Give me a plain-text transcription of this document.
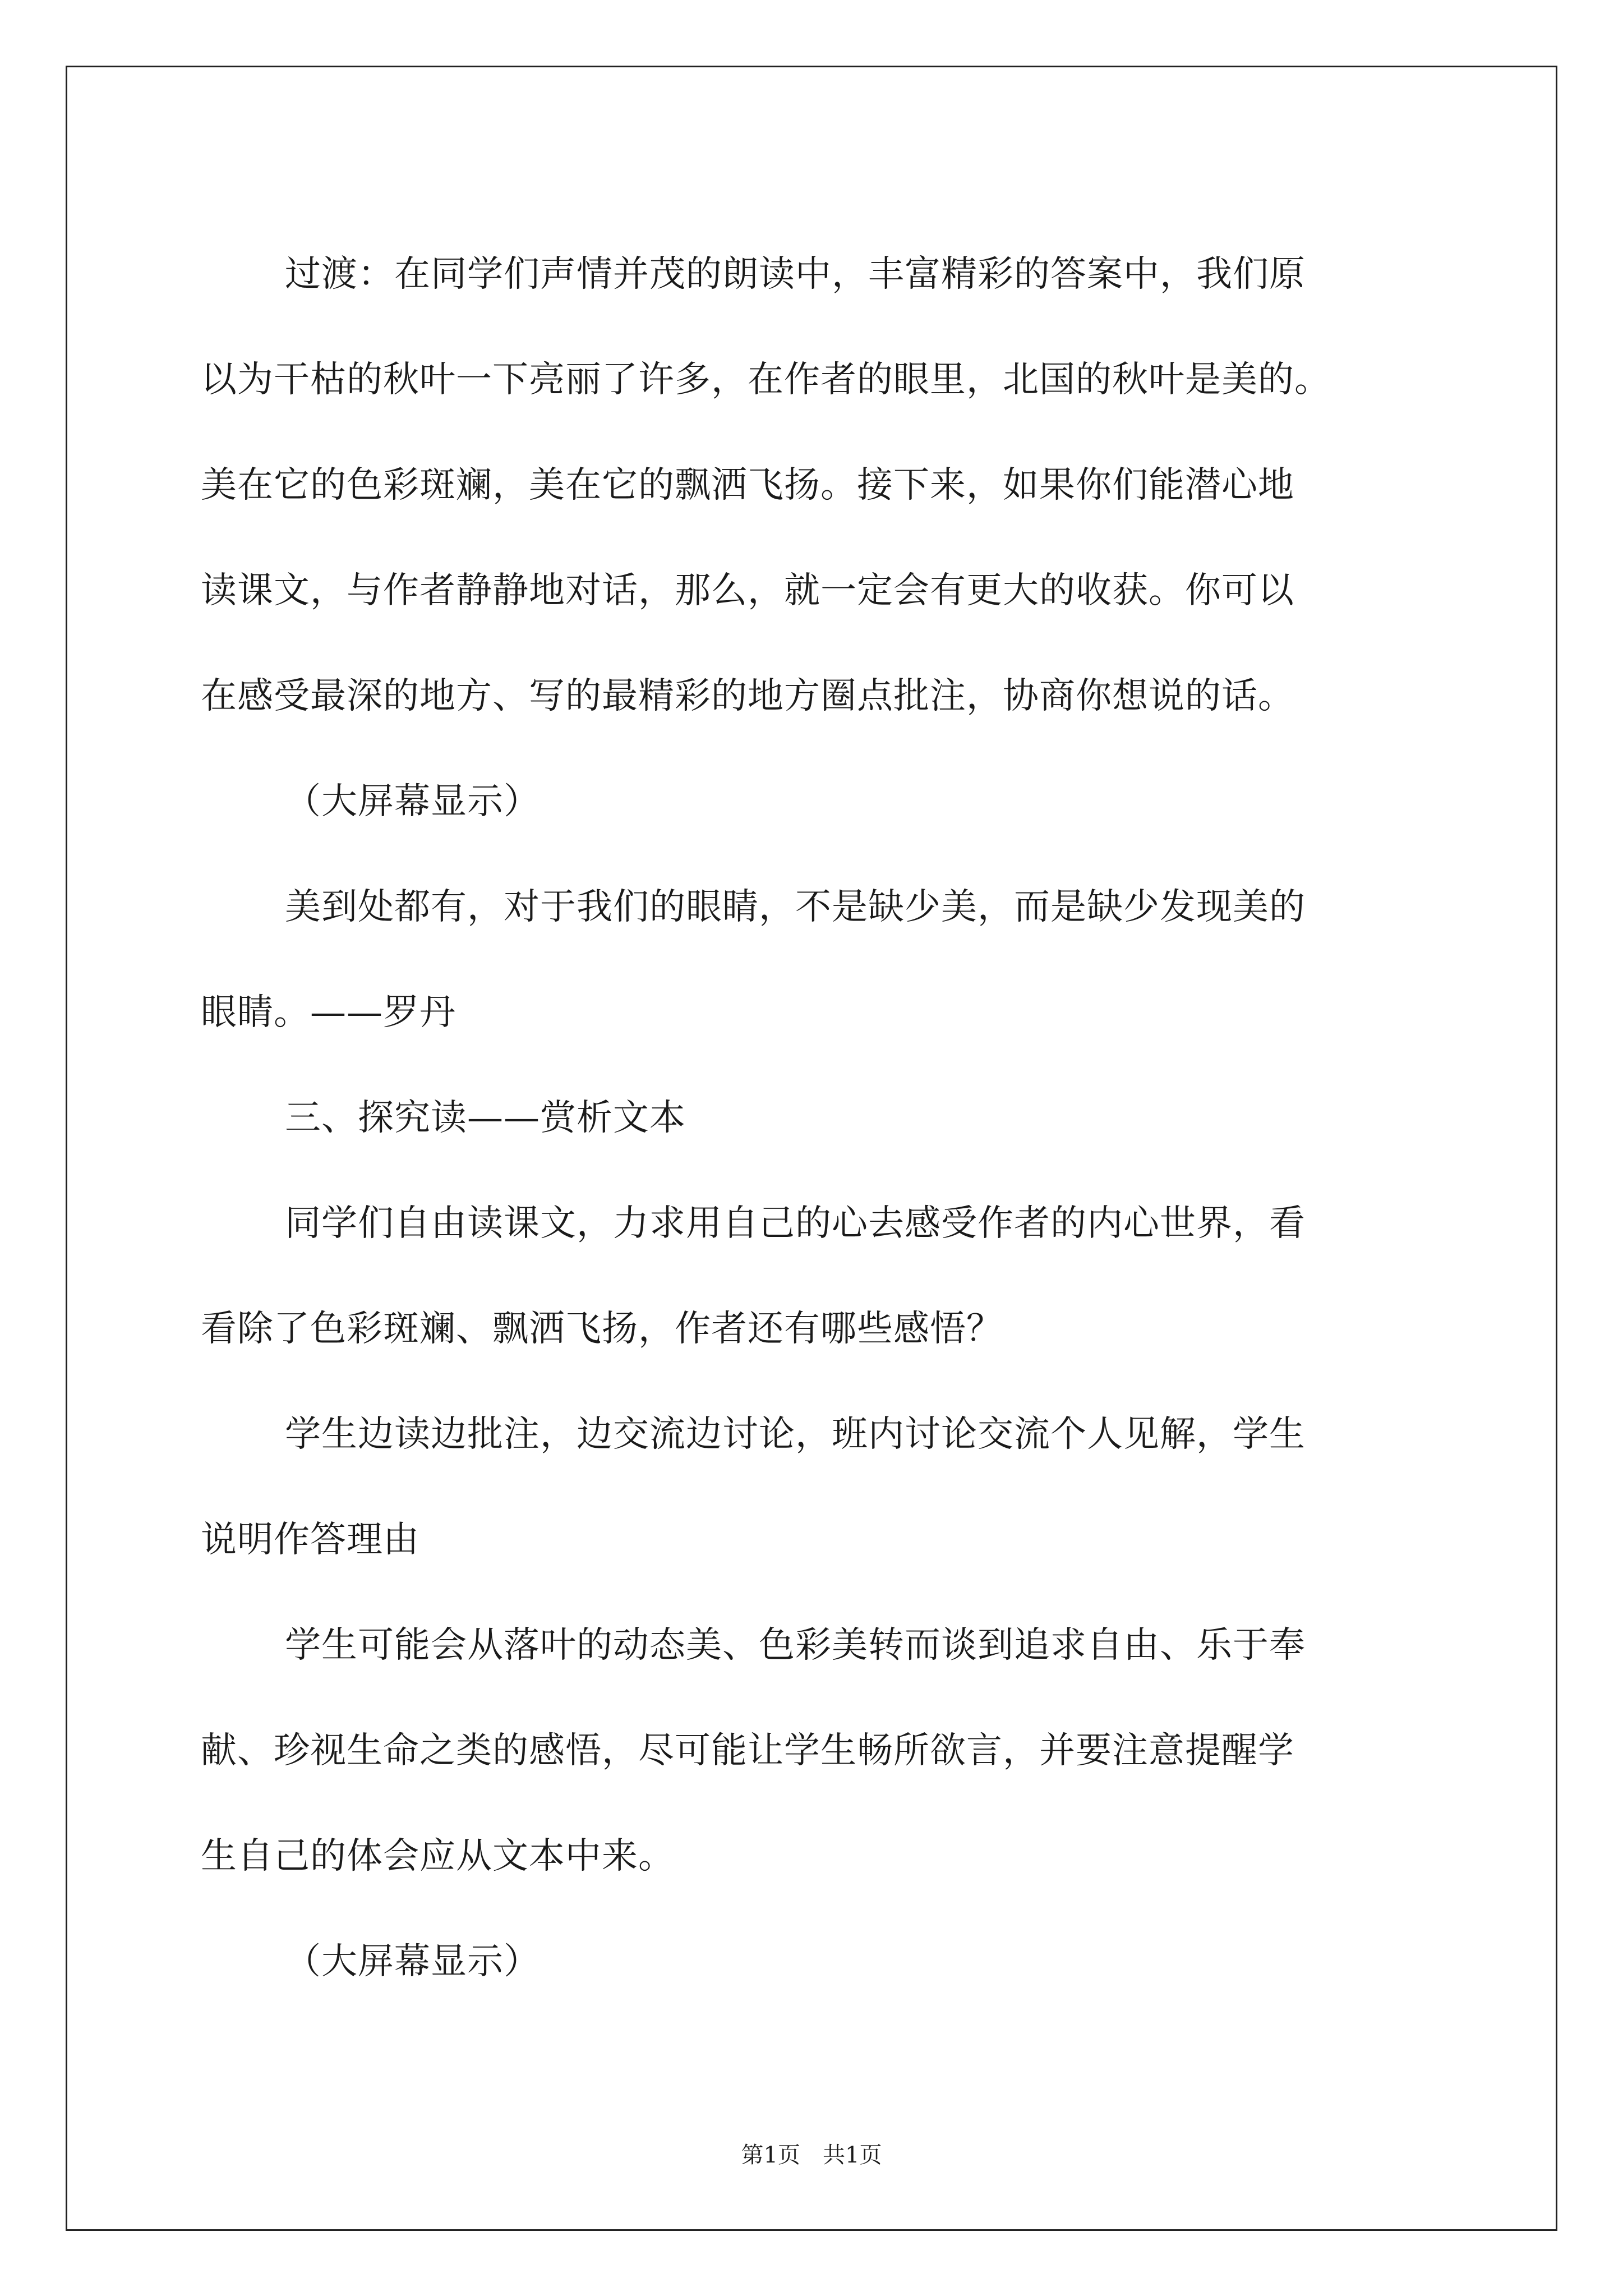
过渡：在同学们声情并茂的朗读中，丰富精彩的答案中，我们原

以为干枯的秋叶一下亮丽了许多，在作者的眼里，北国的秋叶是美的。

美在它的色彩斑斓，美在它的飘洒飞扬。接下来，如果你们能潜心地

读课文，与作者静静地对话，那么，就一定会有更大的收获。你可以

在感受最深的地方、写的最精彩的地方圈点批注，协商你想说的话。

（大屏幕显示）

美到处都有，对于我们的眼睛，不是缺少美，而是缺少发现美的

眼睛。——罗丹

三、探究读——赏析文本

同学们自由读课文，力求用自己的心去感受作者的内心世界，看

看除了色彩斑斓、飘洒飞扬，作者还有哪些感悟？

学生边读边批注，边交流边讨论，班内讨论交流个人见解，学生

说明作答理由

学生可能会从落叶的动态美、色彩美转而谈到追求自由、乐于奉

献、珍视生命之类的感悟，尽可能让学生畅所欲言，并要注意提醒学

生自己的体会应从文本中来。

（大屏幕显示）

第1页 共1页
